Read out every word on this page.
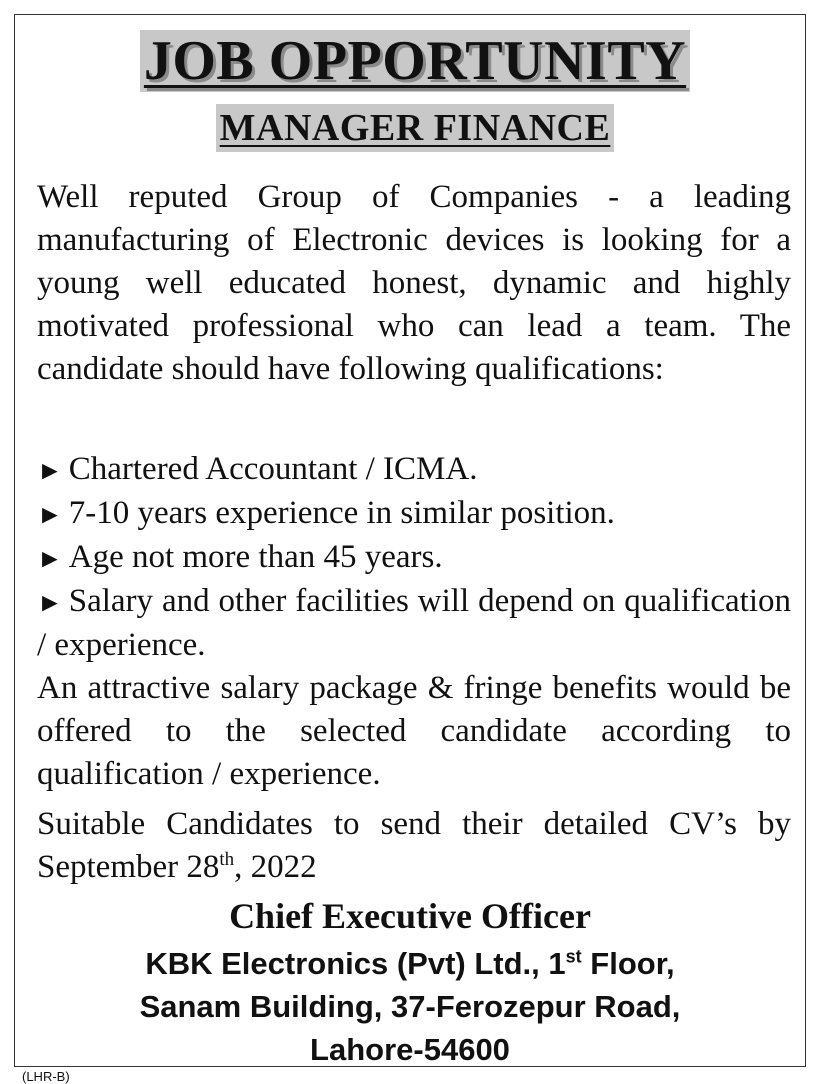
JOB OPPORTUNITY
MANAGER FINANCE
Well reputed Group of Companies - a leading manufacturing of Electronic devices is looking for a young well educated honest, dynamic and highly motivated professional who can lead a team. The candidate should have following qualifications:

► Chartered Accountant / ICMA.

► 7-10 years experience in similar position.

► Age not more than 45 years.

► Salary and other facilities will depend on qualification / experience.

An attractive salary package & fringe benefits would be offered to the selected candidate according to qualification / experience.

Suitable Candidates to send their detailed CV’s by September 28th, 2022
Chief Executive Officer
KBK Electronics (Pvt) Ltd., 1st Floor,
Sanam Building, 37-Ferozepur Road,
Lahore-54600
(LHR-B)
